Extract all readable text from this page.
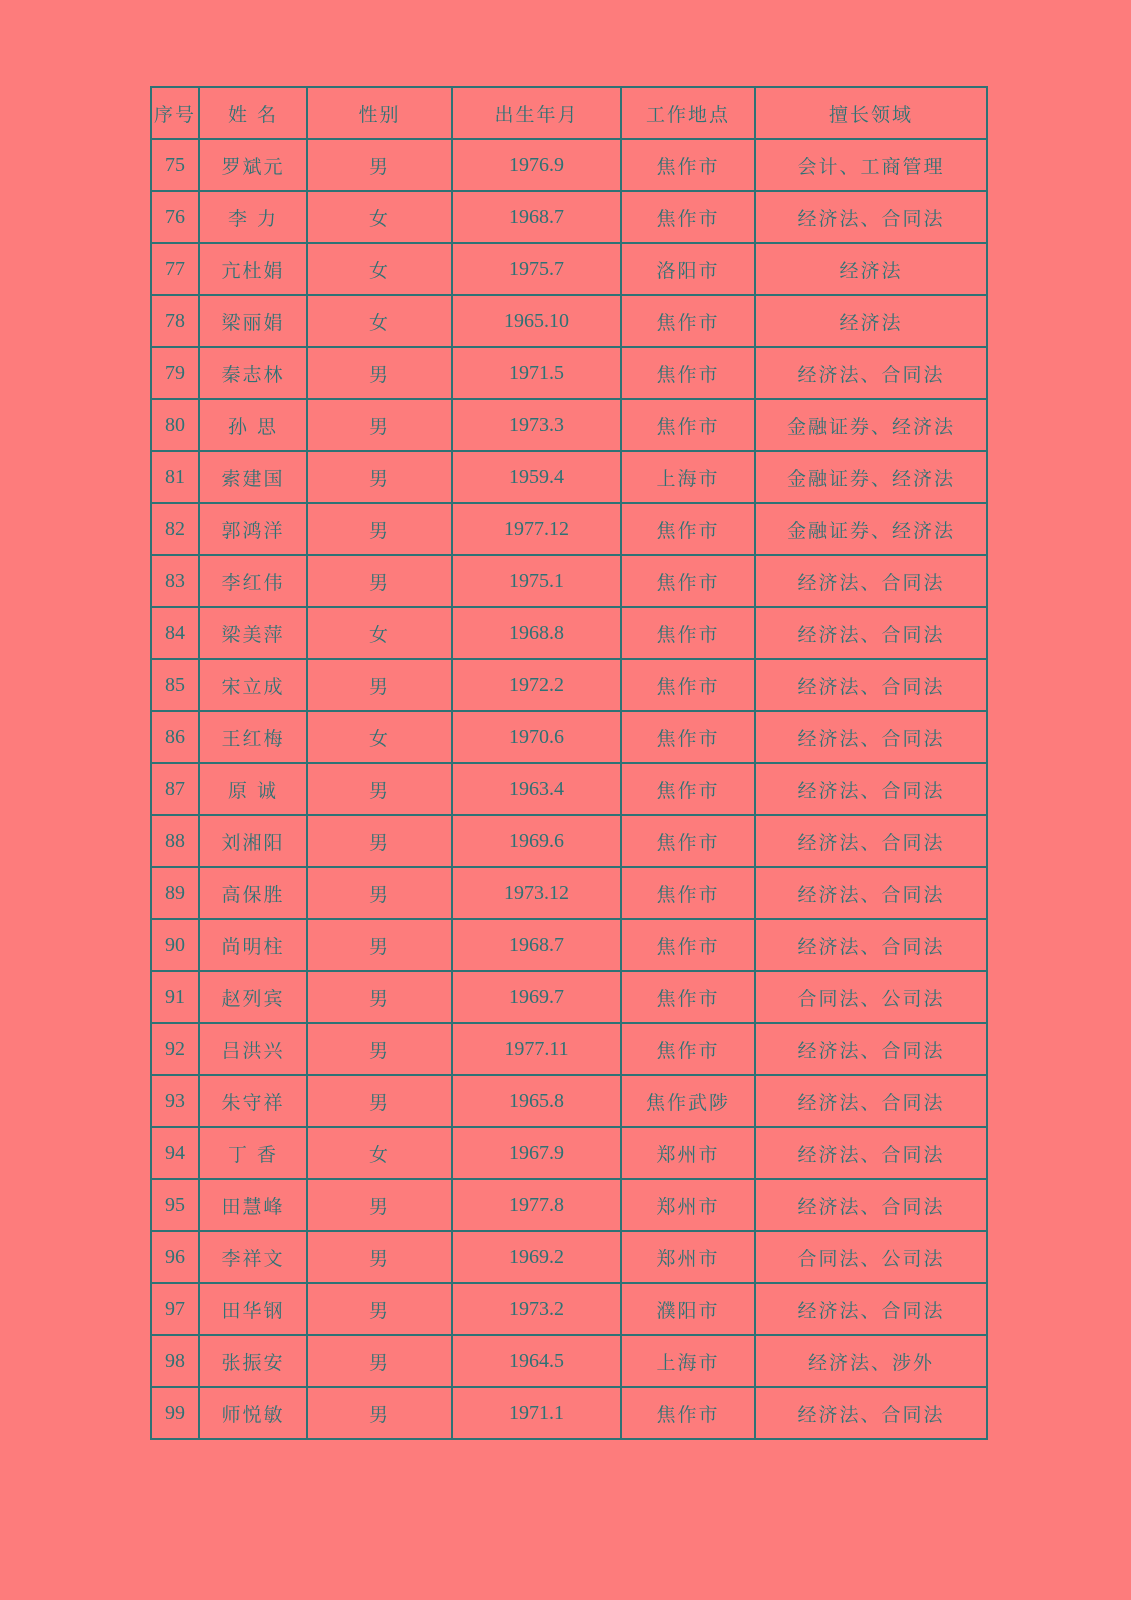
序号	姓 名	性别	出生年月	工作地点	擅长领域
75	罗斌元	男	1976.9	焦作市	会计、工商管理
76	李 力	女	1968.7	焦作市	经济法、合同法
77	亢杜娟	女	1975.7	洛阳市	经济法
78	梁丽娟	女	1965.10	焦作市	经济法
79	秦志林	男	1971.5	焦作市	经济法、合同法
80	孙 思	男	1973.3	焦作市	金融证券、经济法
81	索建国	男	1959.4	上海市	金融证券、经济法
82	郭鸿洋	男	1977.12	焦作市	金融证券、经济法
83	李红伟	男	1975.1	焦作市	经济法、合同法
84	梁美萍	女	1968.8	焦作市	经济法、合同法
85	宋立成	男	1972.2	焦作市	经济法、合同法
86	王红梅	女	1970.6	焦作市	经济法、合同法
87	原 诚	男	1963.4	焦作市	经济法、合同法
88	刘湘阳	男	1969.6	焦作市	经济法、合同法
89	高保胜	男	1973.12	焦作市	经济法、合同法
90	尚明柱	男	1968.7	焦作市	经济法、合同法
91	赵列宾	男	1969.7	焦作市	合同法、公司法
92	吕洪兴	男	1977.11	焦作市	经济法、合同法
93	朱守祥	男	1965.8	焦作武陟	经济法、合同法
94	丁 香	女	1967.9	郑州市	经济法、合同法
95	田慧峰	男	1977.8	郑州市	经济法、合同法
96	李祥文	男	1969.2	郑州市	合同法、公司法
97	田华钢	男	1973.2	濮阳市	经济法、合同法
98	张振安	男	1964.5	上海市	经济法、涉外
99	师悦敏	男	1971.1	焦作市	经济法、合同法
